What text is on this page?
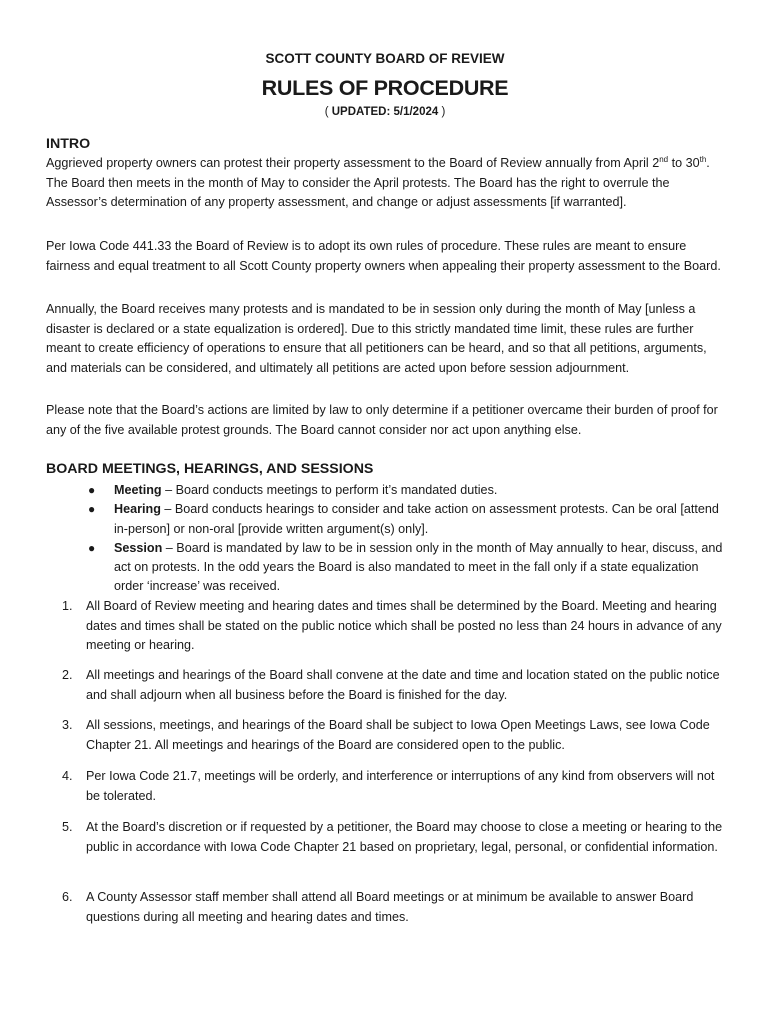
SCOTT COUNTY BOARD OF REVIEW
RULES OF PROCEDURE
( UPDATED: 5/1/2024 )
INTRO

Aggrieved property owners can protest their property assessment to the Board of Review annually from April 2nd to 30th. The Board then meets in the month of May to consider the April protests. The Board has the right to overrule the Assessor’s determination of any property assessment, and change or adjust assessments [if warranted].

Per Iowa Code 441.33 the Board of Review is to adopt its own rules of procedure. These rules are meant to ensure fairness and equal treatment to all Scott County property owners when appealing their property assessment to the Board.

Annually, the Board receives many protests and is mandated to be in session only during the month of May [unless a disaster is declared or a state equalization is ordered]. Due to this strictly mandated time limit, these rules are further meant to create efficiency of operations to ensure that all petitioners can be heard, and so that all petitions, arguments, and materials can be considered, and ultimately all petitions are acted upon before session adjournment.

Please note that the Board’s actions are limited by law to only determine if a petitioner overcame their burden of proof for any of the five available protest grounds. The Board cannot consider nor act upon anything else.

BOARD MEETINGS, HEARINGS, AND SESSIONS
● Meeting – Board conducts meetings to perform it’s mandated duties.
● Hearing – Board conducts hearings to consider and take action on assessment protests. Can be oral [attend in-person] or non-oral [provide written argument(s) only].
● Session – Board is mandated by law to be in session only in the month of May annually to hear, discuss, and act on protests. In the odd years the Board is also mandated to meet in the fall only if a state equalization order ‘increase’ was received.
1.	All Board of Review meeting and hearing dates and times shall be determined by the Board. Meeting and hearing dates and times shall be stated on the public notice which shall be posted no less than 24 hours in advance of any meeting or hearing.
2.	All meetings and hearings of the Board shall convene at the date and time and location stated on the public notice and shall adjourn when all business before the Board is finished for the day.
3.	All sessions, meetings, and hearings of the Board shall be subject to Iowa Open Meetings Laws, see Iowa Code Chapter 21. All meetings and hearings of the Board are considered open to the public.
4.	Per Iowa Code 21.7, meetings will be orderly, and interference or interruptions of any kind from observers will not be tolerated.
5.	At the Board’s discretion or if requested by a petitioner, the Board may choose to close a meeting or hearing to the public in accordance with Iowa Code Chapter 21 based on proprietary, legal, personal, or confidential information.
6.	A County Assessor staff member shall attend all Board meetings or at minimum be available to answer Board questions during all meeting and hearing dates and times.
